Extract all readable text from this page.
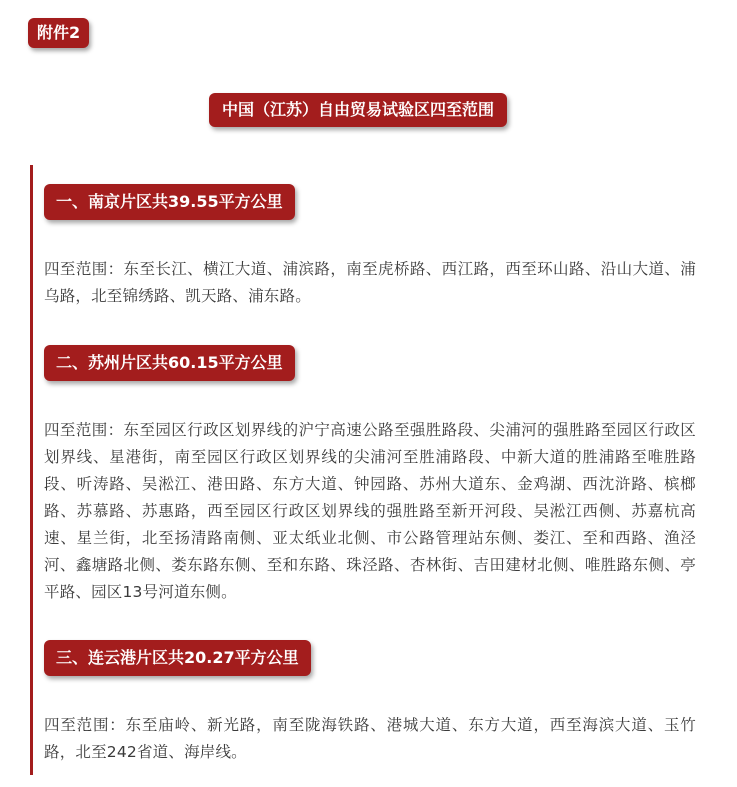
附件2
中国（江苏）自由贸易试验区四至范围
一、南京片区共39.55平方公里
四至范围：东至长江、横江大道、浦滨路，南至虎桥路、西江路，西至环山路、沿山大道、浦乌路，北至锦绣路、凯天路、浦东路。
二、苏州片区共60.15平方公里
四至范围：东至园区行政区划界线的沪宁高速公路至强胜路段、尖浦河的强胜路至园区行政区划界线、星港街，南至园区行政区划界线的尖浦河至胜浦路段、中新大道的胜浦路至唯胜路段、听涛路、吴淞江、港田路、东方大道、钟园路、苏州大道东、金鸡湖、西沈浒路、槟榔路、苏慕路、苏惠路，西至园区行政区划界线的强胜路至新开河段、吴淞江西侧、苏嘉杭高速、星兰街，北至扬清路南侧、亚太纸业北侧、市公路管理站东侧、娄江、至和西路、渔泾河、鑫塘路北侧、娄东路东侧、至和东路、珠泾路、杏林街、吉田建材北侧、唯胜路东侧、亭平路、园区13号河道东侧。
三、连云港片区共20.27平方公里
四至范围：东至庙岭、新光路，南至陇海铁路、港城大道、东方大道，西至海滨大道、玉竹路，北至242省道、海岸线。
